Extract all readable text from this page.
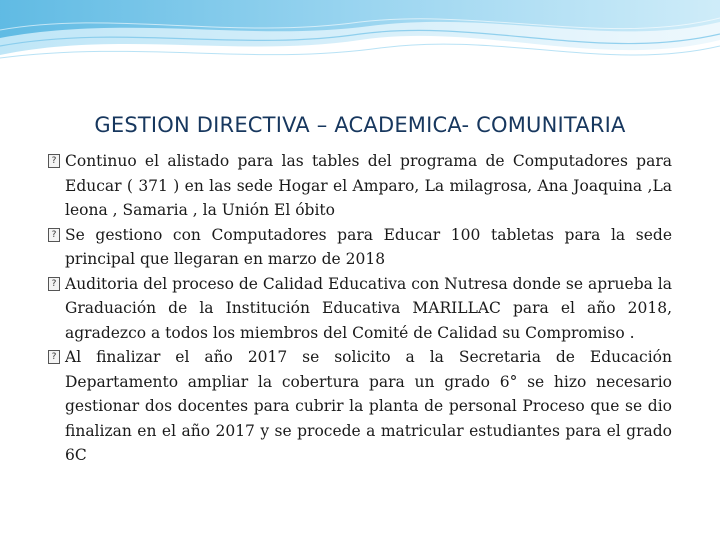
GESTION DIRECTIVA – ACADEMICA- COMUNITARIA
? Continuo el alistado para las tables del programa de Computadores para Educar ( 371 ) en las sede Hogar el Amparo, La milagrosa, Ana Joaquina ,La leona , Samaria , la Unión El óbito
? Se gestiono con Computadores para Educar 100 tabletas para la sede principal que llegaran en marzo de 2018
? Auditoria del proceso de Calidad Educativa con Nutresa donde se aprueba la Graduación de la Institución Educativa MARILLAC para el año 2018, agradezco a todos los miembros del Comité de Calidad su Compromiso .
? Al finalizar el año 2017 se solicito a la Secretaria de Educación Departamento ampliar la cobertura para un grado 6° se hizo necesario gestionar dos docentes para cubrir la planta de personal Proceso que se dio finalizan en el año 2017 y se procede a matricular estudiantes para el grado 6C
